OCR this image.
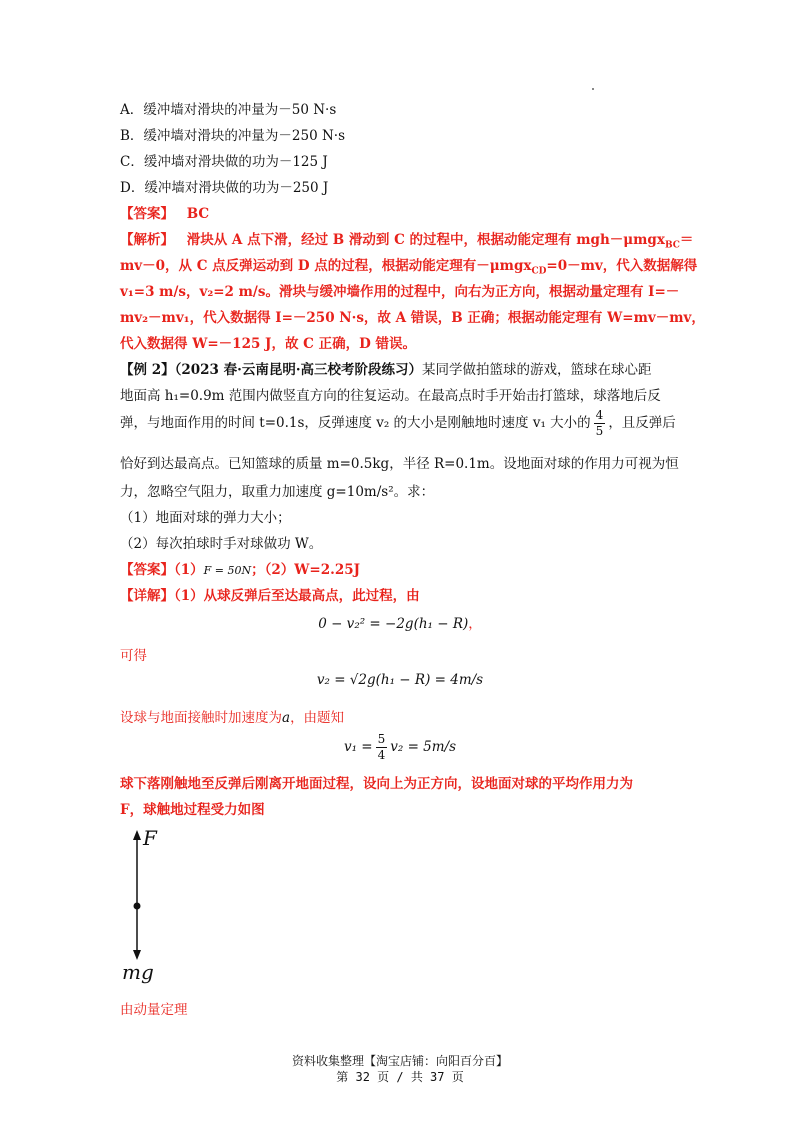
A．缓冲墙对滑块的冲量为－50 N·s
B．缓冲墙对滑块的冲量为－250 N·s
C．缓冲墙对滑块做的功为－125 J
D．缓冲墙对滑块做的功为－250 J
【答案】 BC
【解析】 滑块从 A 点下滑，经过 B 滑动到 C 的过程中，根据动能定理有 mgh－μmgx$_{BC}$＝
mv－0，从 C 点反弹运动到 D 点的过程，根据动能定理有－μmgx$_{CD}$=0－mv，代入数据解得
v₁=3 m/s，v₂=2 m/s。滑块与缓冲墙作用的过程中，向右为正方向，根据动量定理有 I=－
mv₂－mv₁，代入数据得 I=－250 N·s，故 A 错误，B 正确；根据动能定理有 W=mv－mv，
代入数据得 W=－125 J，故 C 正确，D 错误。
【例 2】（2023 春·云南昆明·高三校考阶段练习）某同学做拍篮球的游戏，篮球在球心距
地面高 h₁=0.9m 范围内做竖直方向的往复运动。在最高点时手开始击打篮球，球落地后反
弹，与地面作用的时间 t=0.1s，反弹速度 v₂ 的大小是刚触地时速度 v₁ 大小的 $\frac{4}{5}$ ，且反弹后
恰好到达最高点。已知篮球的质量 m=0.5kg，半径 R=0.1m。设地面对球的作用力可视为恒
力，忽略空气阻力，取重力加速度 g=10m/s²。求：
（1）地面对球的弹力大小；
（2）每次拍球时手对球做功 W。
【答案】（1）F = 50N；（2）W=2.25J
【详解】（1）从球反弹后至达最高点，此过程，由
0 − v₂² = −2g(h₁ − R)，
可得
v₂ = √2g(h₁ − R) = 4m/s
设球与地面接触时加速度为a，由题知
$v_1 = \frac{5}{4} v_2 = 5m/s$
球下落刚触地至反弹后刚离开地面过程，设向上为正方向，设地面对球的平均作用力为
F，球触地过程受力如图
F
mg
由动量定理
资料收集整理【淘宝店铺：向阳百分百】
第 32 页 / 共 37 页
